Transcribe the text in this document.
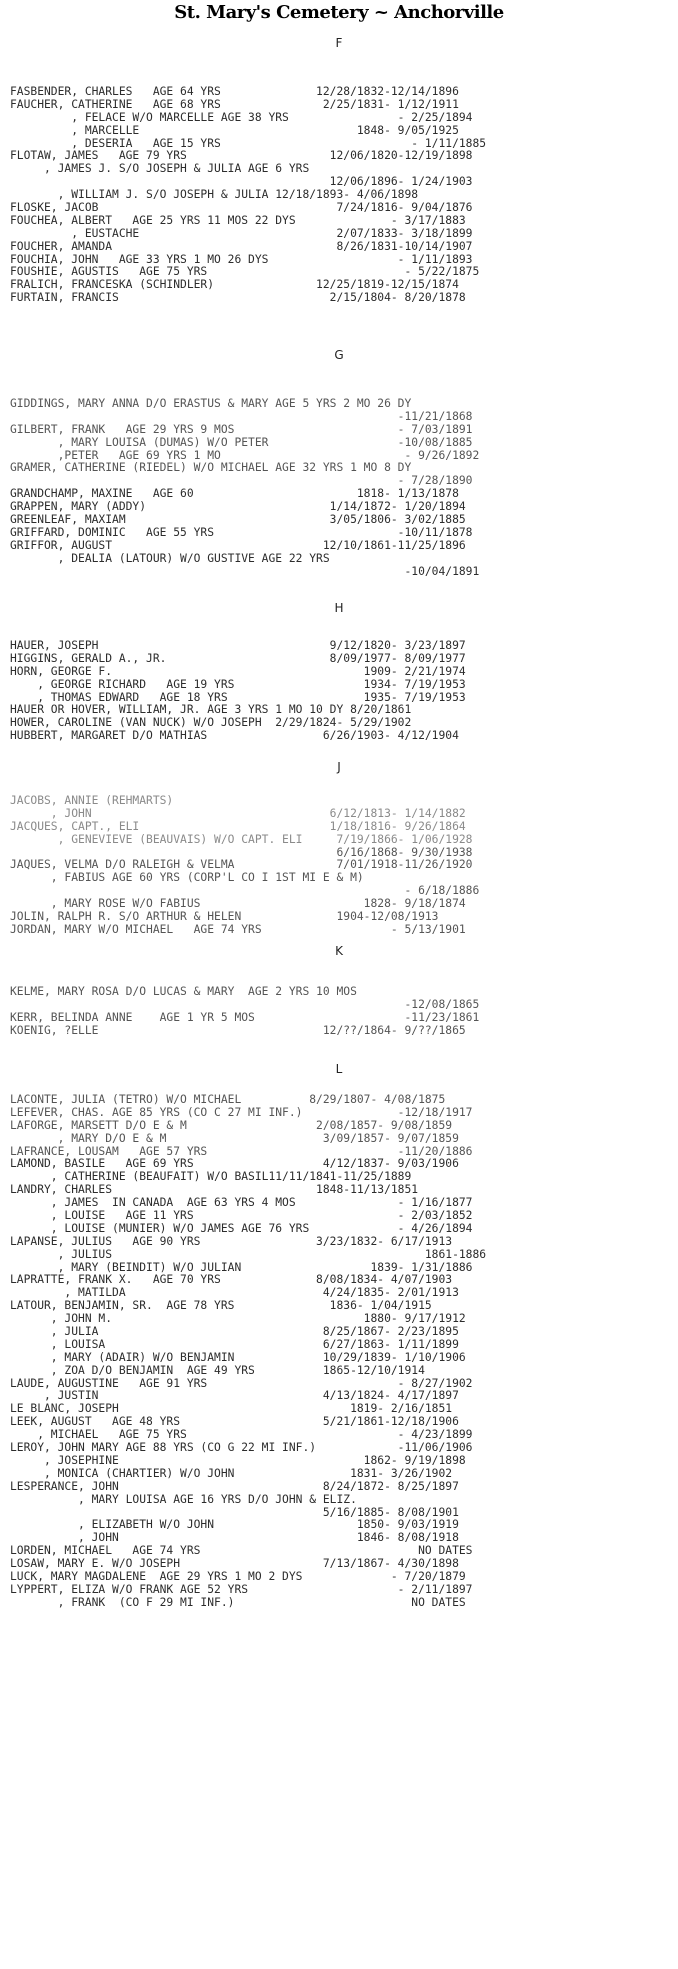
St. Mary's Cemetery ~ Anchorville
F
FASBENDER, CHARLES   AGE 64 YRS              12/28/1832-12/14/1896
FAUCHER, CATHERINE   AGE 68 YRS               2/25/1831- 1/12/1911
, FELACE W/O MARCELLE AGE 38 YRS                - 2/25/1894
, MARCELLE                                1848- 9/05/1925
, DESERIA   AGE 15 YRS                            - 1/11/1885
FLOTAW, JAMES   AGE 79 YRS                     12/06/1820-12/19/1898
, JAMES J. S/O JOSEPH & JULIA AGE 6 YRS
12/06/1896- 1/24/1903
, WILLIAM J. S/O JOSEPH & JULIA 12/18/1893- 4/06/1898
FLOSKE, JACOB                                   7/24/1816- 9/04/1876
FOUCHEA, ALBERT   AGE 25 YRS 11 MOS 22 DYS              - 3/17/1883
, EUSTACHE                             2/07/1833- 3/18/1899
FOUCHER, AMANDA                                 8/26/1831-10/14/1907
FOUCHIA, JOHN   AGE 33 YRS 1 MO 26 DYS                   - 1/11/1893
FOUSHIE, AGUSTIS   AGE 75 YRS                             - 5/22/1875
FRALICH, FRANCESKA (SCHINDLER)               12/25/1819-12/15/1874
FURTAIN, FRANCIS                               2/15/1804- 8/20/1878
G
GIDDINGS, MARY ANNA D/O ERASTUS & MARY AGE 5 YRS 2 MO 26 DY
-11/21/1868
GILBERT, FRANK   AGE 29 YRS 9 MOS                        - 7/03/1891
, MARY LOUISA (DUMAS) W/O PETER                   -10/08/1885
,PETER   AGE 69 YRS 1 MO                           - 9/26/1892
GRAMER, CATHERINE (RIEDEL) W/O MICHAEL AGE 32 YRS 1 MO 8 DY
- 7/28/1890
GRANDCHAMP, MAXINE   AGE 60                        1818- 1/13/1878
GRAPPEN, MARY (ADDY)                           1/14/1872- 1/20/1894
GREENLEAF, MAXIAM                              3/05/1806- 3/02/1885
GRIFFARD, DOMINIC   AGE 55 YRS                           -10/11/1878
GRIFFOR, AUGUST                               12/10/1861-11/25/1896
, DEALIA (LATOUR) W/O GUSTIVE AGE 22 YRS
-10/04/1891
H
HAUER, JOSEPH                                  9/12/1820- 3/23/1897
HIGGINS, GERALD A., JR.                        8/09/1977- 8/09/1977
HORN, GEORGE F.                                     1909- 2/21/1974
, GEORGE RICHARD   AGE 19 YRS                   1934- 7/19/1953
, THOMAS EDWARD   AGE 18 YRS                    1935- 7/19/1953
HAUER OR HOVER, WILLIAM, JR. AGE 3 YRS 1 MO 10 DY 8/20/1861
HOWER, CAROLINE (VAN NUCK) W/O JOSEPH  2/29/1824- 5/29/1902
HUBBERT, MARGARET D/O MATHIAS                 6/26/1903- 4/12/1904
J
JACOBS, ANNIE (REHMARTS)
, JOHN                                   6/12/1813- 1/14/1882
JACQUES, CAPT., ELI                            1/18/1816- 9/26/1864
, GENEVIEVE (BEAUVAIS) W/O CAPT. ELI     7/19/1866- 1/06/1928
6/16/1868- 9/30/1938
JAQUES, VELMA D/O RALEIGH & VELMA               7/01/1918-11/26/1920
, FABIUS AGE 60 YRS (CORP'L CO I 1ST MI E & M)
- 6/18/1886
, MARY ROSE W/O FABIUS                        1828- 9/18/1874
JOLIN, RALPH R. S/O ARTHUR & HELEN              1904-12/08/1913
JORDAN, MARY W/O MICHAEL   AGE 74 YRS                   - 5/13/1901
K
KELME, MARY ROSA D/O LUCAS & MARY  AGE 2 YRS 10 MOS
-12/08/1865
KERR, BELINDA ANNE    AGE 1 YR 5 MOS                      -11/23/1861
KOENIG, ?ELLE                                 12/??/1864- 9/??/1865
L
LACONTE, JULIA (TETRO) W/O MICHAEL          8/29/1807- 4/08/1875
LEFEVER, CHAS. AGE 85 YRS (CO C 27 MI INF.)              -12/18/1917
LAFORGE, MARSETT D/O E & M                   2/08/1857- 9/08/1859
, MARY D/O E & M                       3/09/1857- 9/07/1859
LAFRANCE, LOUSAM   AGE 57 YRS                            -11/20/1886
LAMOND, BASILE   AGE 69 YRS                   4/12/1837- 9/03/1906
, CATHERINE (BEAUFAIT) W/O BASIL11/11/1841-11/25/1889
LANDRY, CHARLES                              1848-11/13/1851
, JAMES  IN CANADA  AGE 63 YRS 4 MOS               - 1/16/1877
, LOUISE   AGE 11 YRS                              - 2/03/1852
, LOUISE (MUNIER) W/O JAMES AGE 76 YRS             - 4/26/1894
LAPANSE, JULIUS   AGE 90 YRS                 3/23/1832- 6/17/1913
, JULIUS                                              1861-1886
, MARY (BEINDIT) W/O JULIAN                   1839- 1/31/1886
LAPRATTE, FRANK X.   AGE 70 YRS              8/08/1834- 4/07/1903
, MATILDA                             4/24/1835- 2/01/1913
LATOUR, BENJAMIN, SR.  AGE 78 YRS              1836- 1/04/1915
, JOHN M.                                     1880- 9/17/1912
, JULIA                                 8/25/1867- 2/23/1895
, LOUISA                                6/27/1863- 1/11/1899
, MARY (ADAIR) W/O BENJAMIN             10/29/1839- 1/10/1906
, ZOA D/O BENJAMIN  AGE 49 YRS          1865-12/10/1914
LAUDE, AUGUSTINE   AGE 91 YRS                            - 8/27/1902
, JUSTIN                                 4/13/1824- 4/17/1897
LE BLANC, JOSEPH                                  1819- 2/16/1851
LEEK, AUGUST   AGE 48 YRS                     5/21/1861-12/18/1906
, MICHAEL   AGE 75 YRS                               - 4/23/1899
LEROY, JOHN MARY AGE 88 YRS (CO G 22 MI INF.)            -11/06/1906
, JOSEPHINE                                    1862- 9/19/1898
, MONICA (CHARTIER) W/O JOHN                 1831- 3/26/1902
LESPERANCE, JOHN                              8/24/1872- 8/25/1897
, MARY LOUISA AGE 16 YRS D/O JOHN & ELIZ.
5/16/1885- 8/08/1901
, ELIZABETH W/O JOHN                     1850- 9/03/1919
, JOHN                                   1846- 8/08/1918
LORDEN, MICHAEL   AGE 74 YRS                                NO DATES
LOSAW, MARY E. W/O JOSEPH                     7/13/1867- 4/30/1898
LUCK, MARY MAGDALENE  AGE 29 YRS 1 MO 2 DYS             - 7/20/1879
LYPPERT, ELIZA W/O FRANK AGE 52 YRS                      - 2/11/1897
, FRANK  (CO F 29 MI INF.)                          NO DATES
